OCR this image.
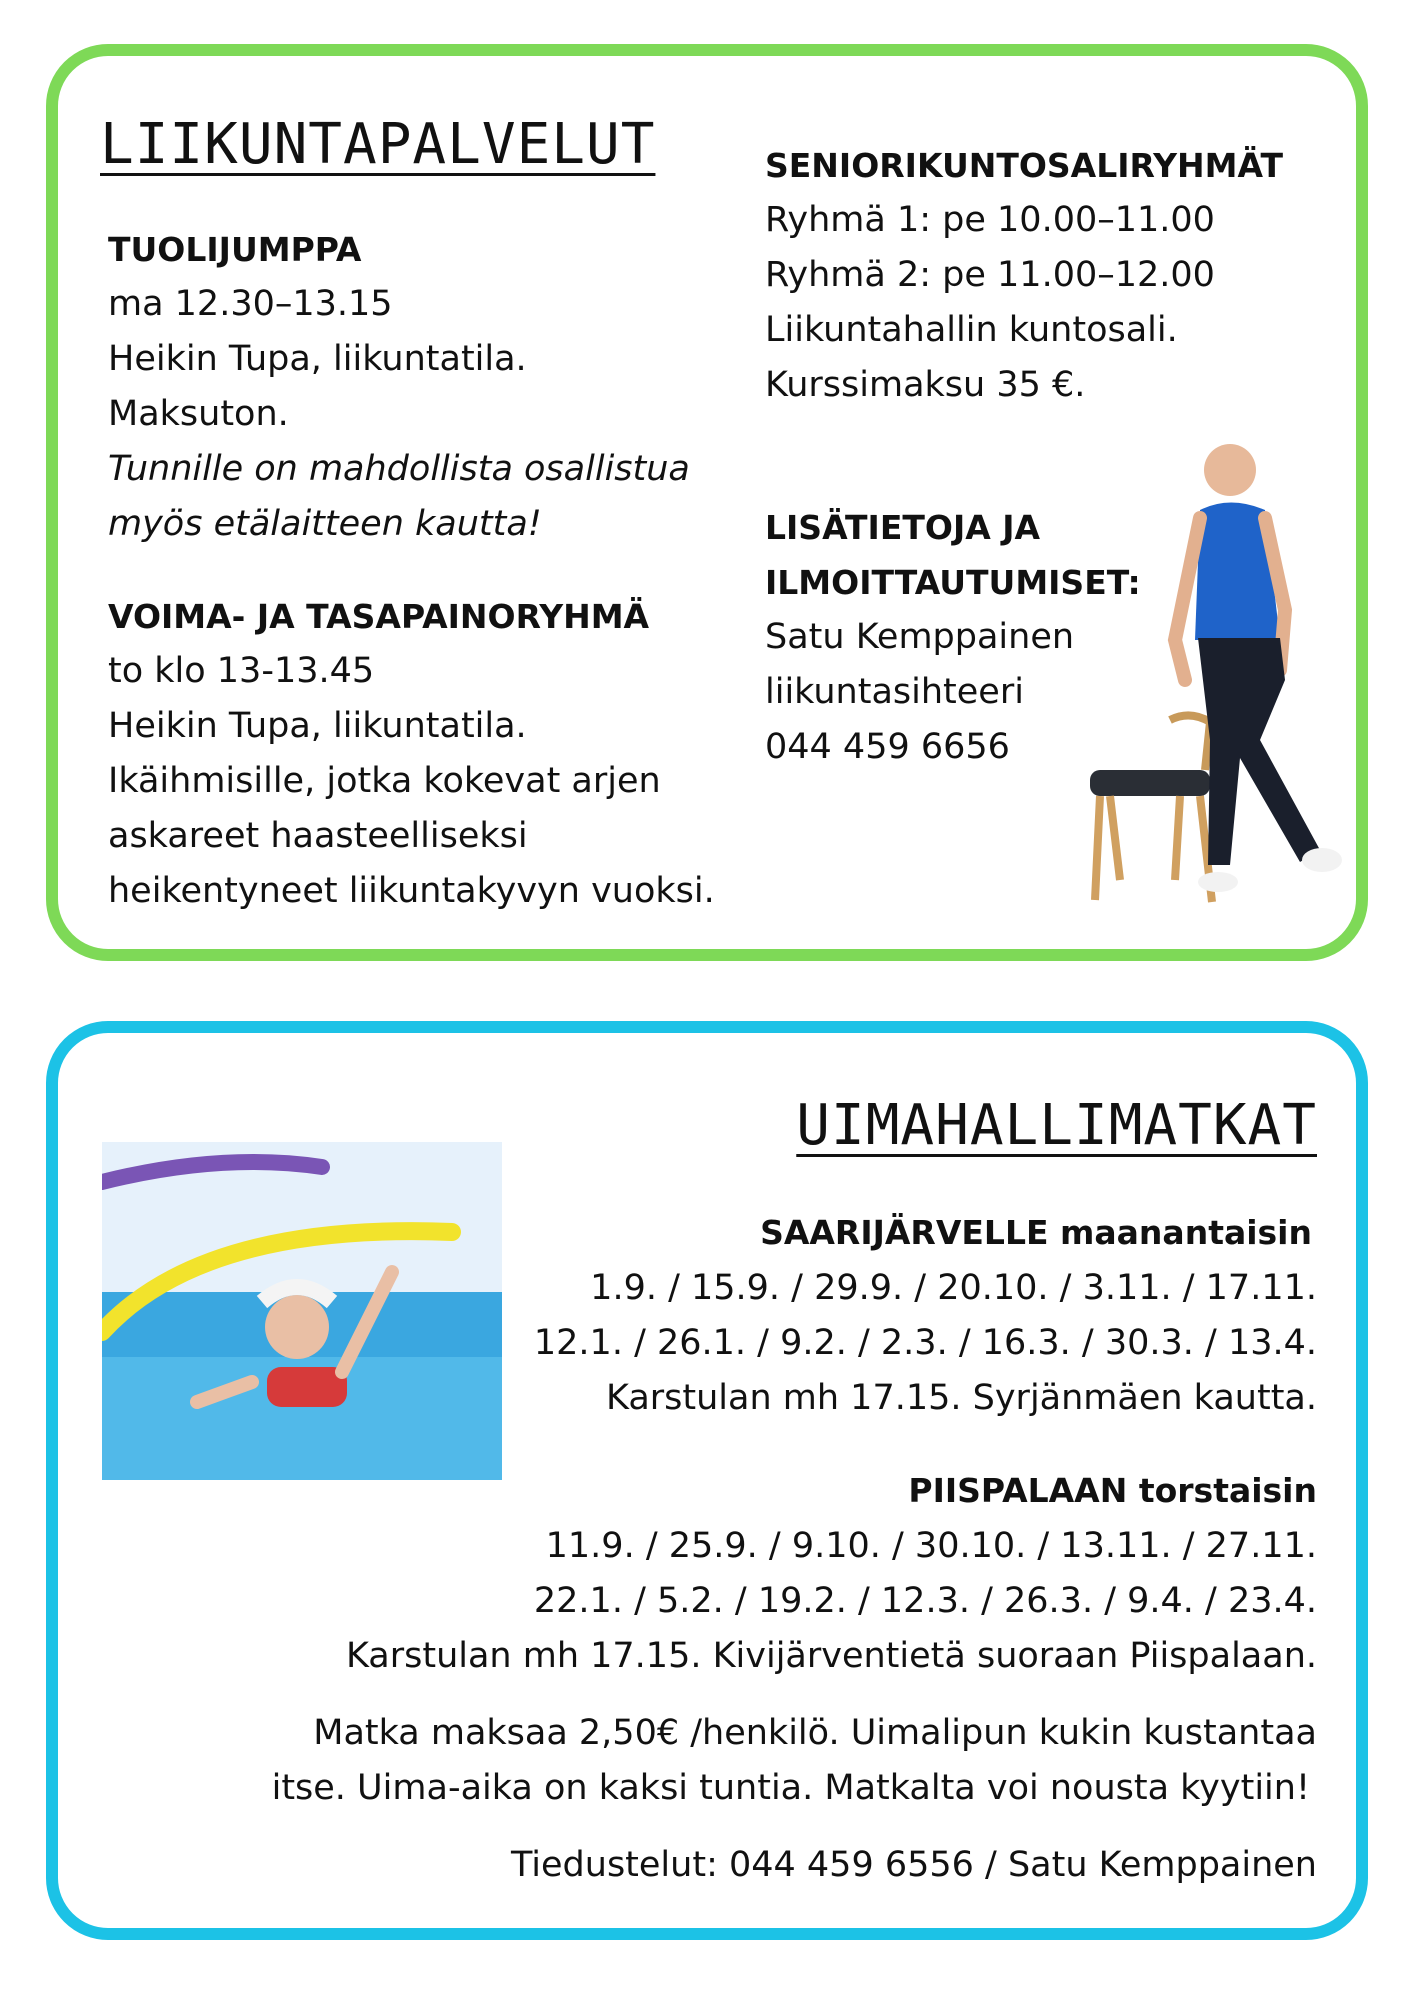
LIIKUNTAPALVELUT
TUOLIJUMPPA
ma 12.30–13.15
Heikin Tupa, liikuntatila.
Maksuton.
Tunnille on mahdollista osallistua
myös etälaitteen kautta!
VOIMA- JA TASAPAINORYHMÄ
to klo 13-13.45
Heikin Tupa, liikuntatila.
Ikäihmisille, jotka kokevat arjen
askareet haasteelliseksi
heikentyneet liikuntakyvyn vuoksi.
SENIORIKUNTOSALIRYHMÄT
Ryhmä 1: pe 10.00–11.00
Ryhmä 2: pe 11.00–12.00
Liikuntahallin kuntosali.
Kurssimaksu 35 €.
LISÄTIETOJA JA
ILMOITTAUTUMISET:
Satu Kemppainen
liikuntasihteeri
044 459 6656
UIMAHALLIMATKAT
SAARIJÄRVELLE maanantaisin
1.9. / 15.9. / 29.9. / 20.10. / 3.11. / 17.11.
12.1. / 26.1. / 9.2. / 2.3. / 16.3. / 30.3. / 13.4.
Karstulan mh 17.15. Syrjänmäen kautta.
PIISPALAAN torstaisin
11.9. / 25.9. / 9.10. / 30.10. / 13.11. / 27.11.
22.1. / 5.2. / 19.2. / 12.3. / 26.3. / 9.4. / 23.4.
Karstulan mh 17.15. Kivijärventietä suoraan Piispalaan.
Matka maksaa 2,50€ /henkilö. Uimalipun kukin kustantaa
itse. Uima-aika on kaksi tuntia. Matkalta voi nousta kyytiin!
Tiedustelut: 044 459 6556 / Satu Kemppainen
